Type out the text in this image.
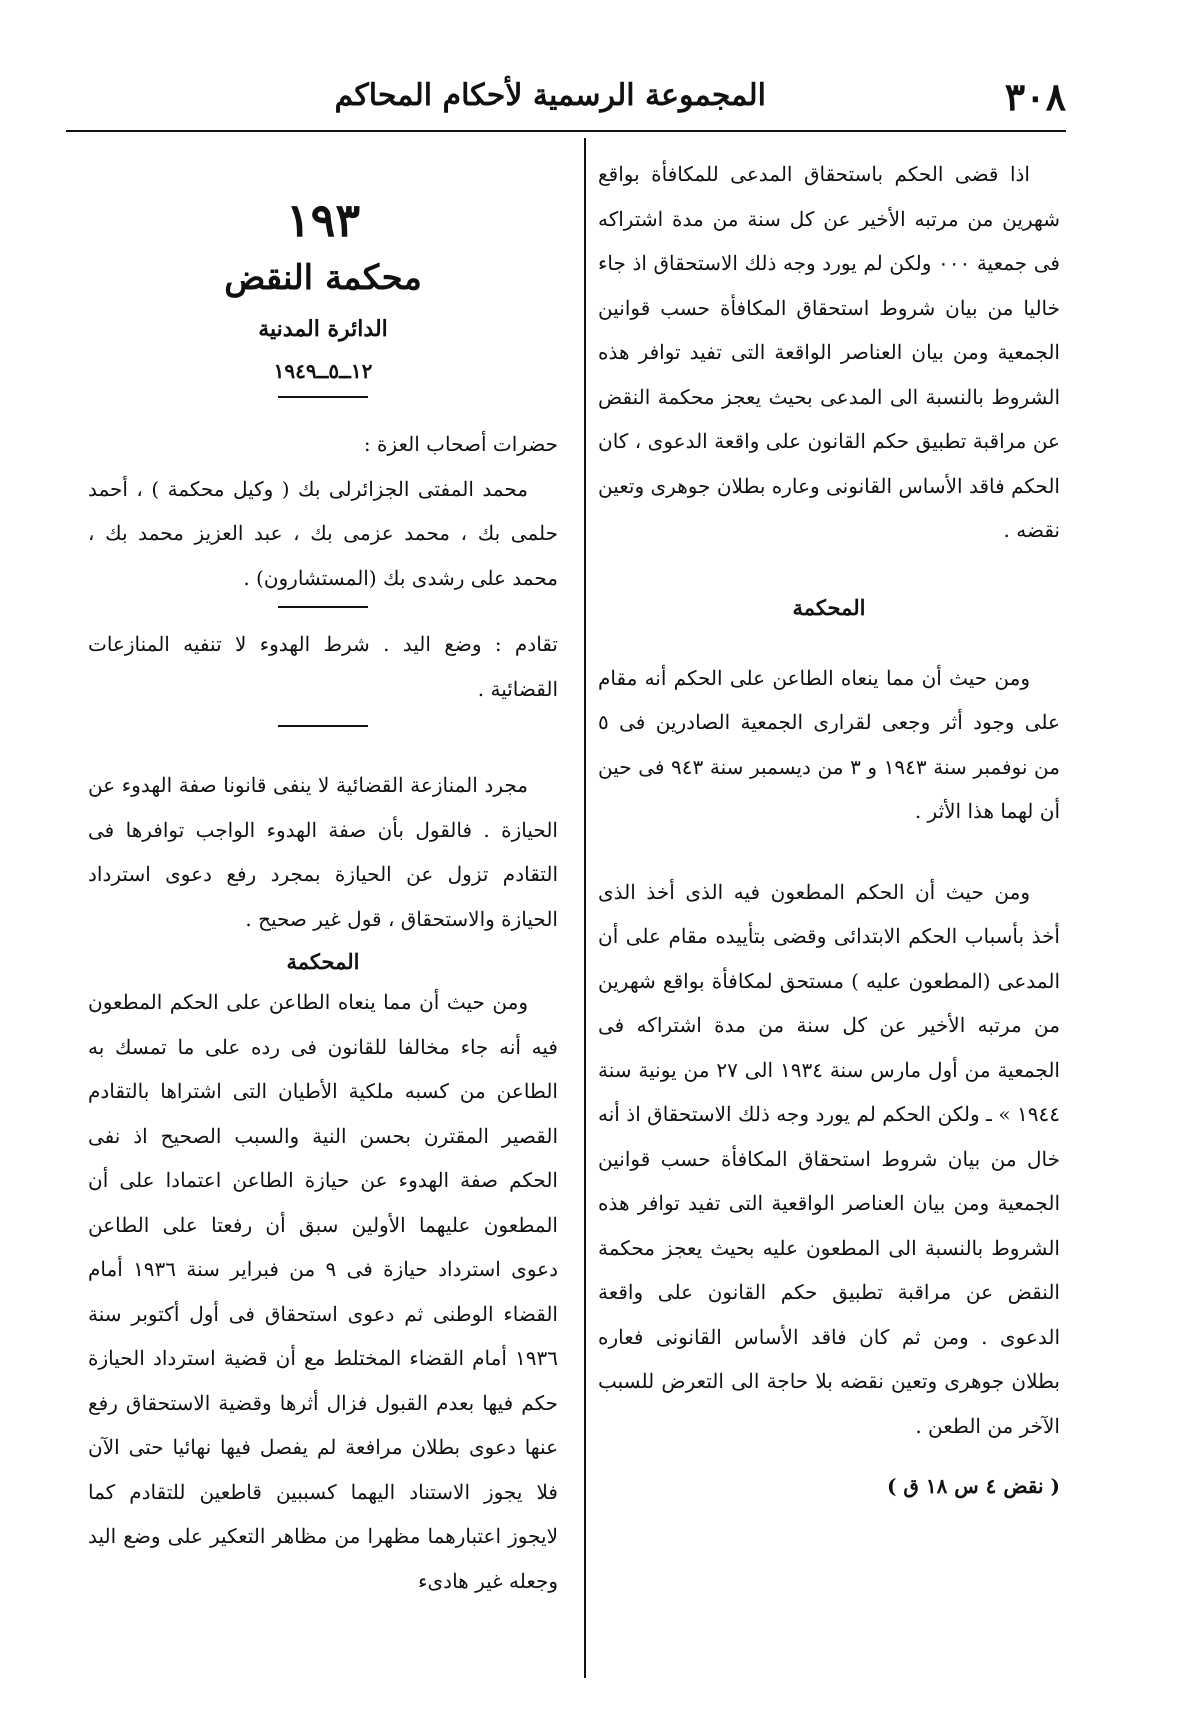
٣٠٨
المجموعة الرسمية لأحكام المحاكم

اذا قضى الحكم باستحقاق المدعى للمكافأة بواقع شهرين من مرتبه الأخير عن كل سنة من مدة اشتراكه فى جمعية ٠٠٠ ولكن لم يورد وجه ذلك الاستحقاق اذ جاء خاليا من بيان شروط استحقاق المكافأة حسب قوانين الجمعية ومن بيان العناصر الواقعة التى تفيد توافر هذه الشروط بالنسبة الى المدعى بحيث يعجز محكمة النقض عن مراقبة تطبيق حكم القانون على واقعة الدعوى ، كان الحكم فاقد الأساس القانونى وعاره بطلان جوهرى وتعين نقضه .

المحكمة

ومن حيث أن مما ينعاه الطاعن على الحكم أنه مقام على وجود أثر وجعى لقرارى الجمعية الصادرين فى ٥ من نوفمبر سنة ١٩٤٣ و ٣ من ديسمبر سنة ٩٤٣ فى حين أن لهما هذا الأثر .

ومن حيث أن الحكم المطعون فيه الذى أخذ الذى أخذ بأسباب الحكم الابتدائى وقضى بتأييده مقام على أن المدعى (المطعون عليه ) مستحق لمكافأة بواقع شهرين من مرتبه الأخير عن كل سنة من مدة اشتراكه فى الجمعية من أول مارس سنة ١٩٣٤ الى ٢٧ من يونية سنة ١٩٤٤ » ـ ولكن الحكم لم يورد وجه ذلك الاستحقاق اذ أنه خال من بيان شروط استحقاق المكافأة حسب قوانين الجمعية ومن بيان العناصر الواقعية التى تفيد توافر هذه الشروط بالنسبة الى المطعون عليه بحيث يعجز محكمة النقض عن مراقبة تطبيق حكم القانون على واقعة الدعوى . ومن ثم كان فاقد الأساس القانونى فعاره بطلان جوهرى وتعين نقضه بلا حاجة الى التعرض للسبب الآخر من الطعن .

( نقض ٤ س ١٨ ق )

١٩٣

محكمة النقض

الدائرة المدنية

١٢ــ٥ــ١٩٤٩

حضرات أصحاب العزة :

محمد المفتى الجزائرلى بك ( وكيل محكمة ) ، أحمد حلمى بك ، محمد عزمى بك ، عبد العزيز محمد بك ، محمد على رشدى بك (المستشارون) .

تقادم : وضع اليد . شرط الهدوء لا تنفيه المنازعات القضائية .

مجرد المنازعة القضائية لا ينفى قانونا صفة الهدوء عن الحيازة . فالقول بأن صفة الهدوء الواجب توافرها فى التقادم تزول عن الحيازة بمجرد رفع دعوى استرداد الحيازة والاستحقاق ، قول غير صحيح .

المحكمة

ومن حيث أن مما ينعاه الطاعن على الحكم المطعون فيه أنه جاء مخالفا للقانون فى رده على ما تمسك به الطاعن من كسبه ملكية الأطيان التى اشتراها بالتقادم القصير المقترن بحسن النية والسبب الصحيح اذ نفى الحكم صفة الهدوء عن حيازة الطاعن اعتمادا على أن المطعون عليهما الأولين سبق أن رفعتا على الطاعن دعوى استرداد حيازة فى ٩ من فبراير سنة ١٩٣٦ أمام القضاء الوطنى ثم دعوى استحقاق فى أول أكتوبر سنة ١٩٣٦ أمام القضاء المختلط مع أن قضية استرداد الحيازة حكم فيها بعدم القبول فزال أثرها وقضية الاستحقاق رفع عنها دعوى بطلان مرافعة لم يفصل فيها نهائيا حتى الآن فلا يجوز الاستناد اليهما كسببين قاطعين للتقادم كما لايجوز اعتبارهما مظهرا من مظاهر التعكير على وضع اليد وجعله غير هادىء
